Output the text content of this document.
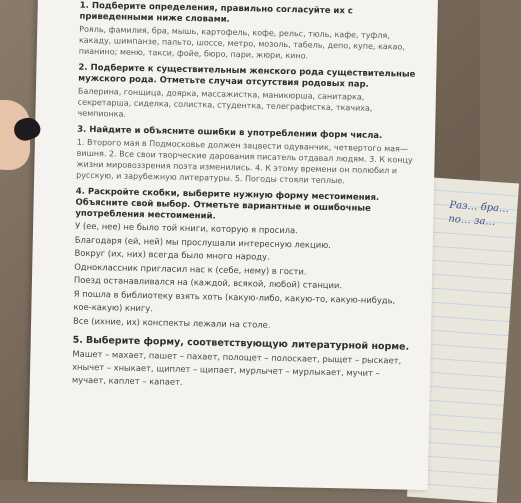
Раз… бра… по… за…
1. Подберите определения, правильно согласуйте их с приведенными ниже словами.
Рояль, фамилия, бра, мышь, картофель, кофе, рельс, тюль, кафе, туфля, какаду, шимпанзе, пальто, шоссе, метро, мозоль, табель, депо, купе, какао, пианино; меню, такси, фойе, бюро, пари, жюри, кино.
2. Подберите к существительным женского рода существительные мужского рода. Отметьте случаи отсутствия родовых пар.
Балерина, гонщица, доярка, массажистка, маникюрша, санитарка, секретарша, сиделка, солистка, студентка, телеграфистка, ткачиха, чемпионка.
3. Найдите и объясните ошибки в употреблении форм числа.
1. Второго мая в Подмосковье должен зацвести одуванчик, четвертого мая— вишня. 2. Все свои творческие дарования писатель отдавал людям. 3. К концу жизни мировоззрения поэта изменились. 4. К этому времени он полюбил и русскую, и зарубежную литературы. 5. Погоды стояли теплые.
4. Раскройте скобки, выберите нужную форму местоимения. Объясните свой выбор. Отметьте вариантные и ошибочные употребления местоимений.
У (ее, нее) не было той книги, которую я просила.
Благодаря (ей, ней) мы прослушали интересную лекцию.
Вокруг (их, них) всегда было много народу.
Одноклассник пригласил нас к (себе, нему) в гости.
Поезд останавливался на (каждой, всякой, любой) станции.
Я пошла в библиотеку взять хоть (какую-либо, какую-то, какую-нибудь, кое-какую) книгу.
Все (ихние, их) конспекты лежали на столе.
5. Выберите форму, соответствующую литературной норме.
Машет – махает, пашет – пахает, полощет – полоскает, рыщет – рыскает, хнычет – хныкает, щиплет – щипает, мурлычет – мурлыкает, мучит – мучает, каплет – капает.
